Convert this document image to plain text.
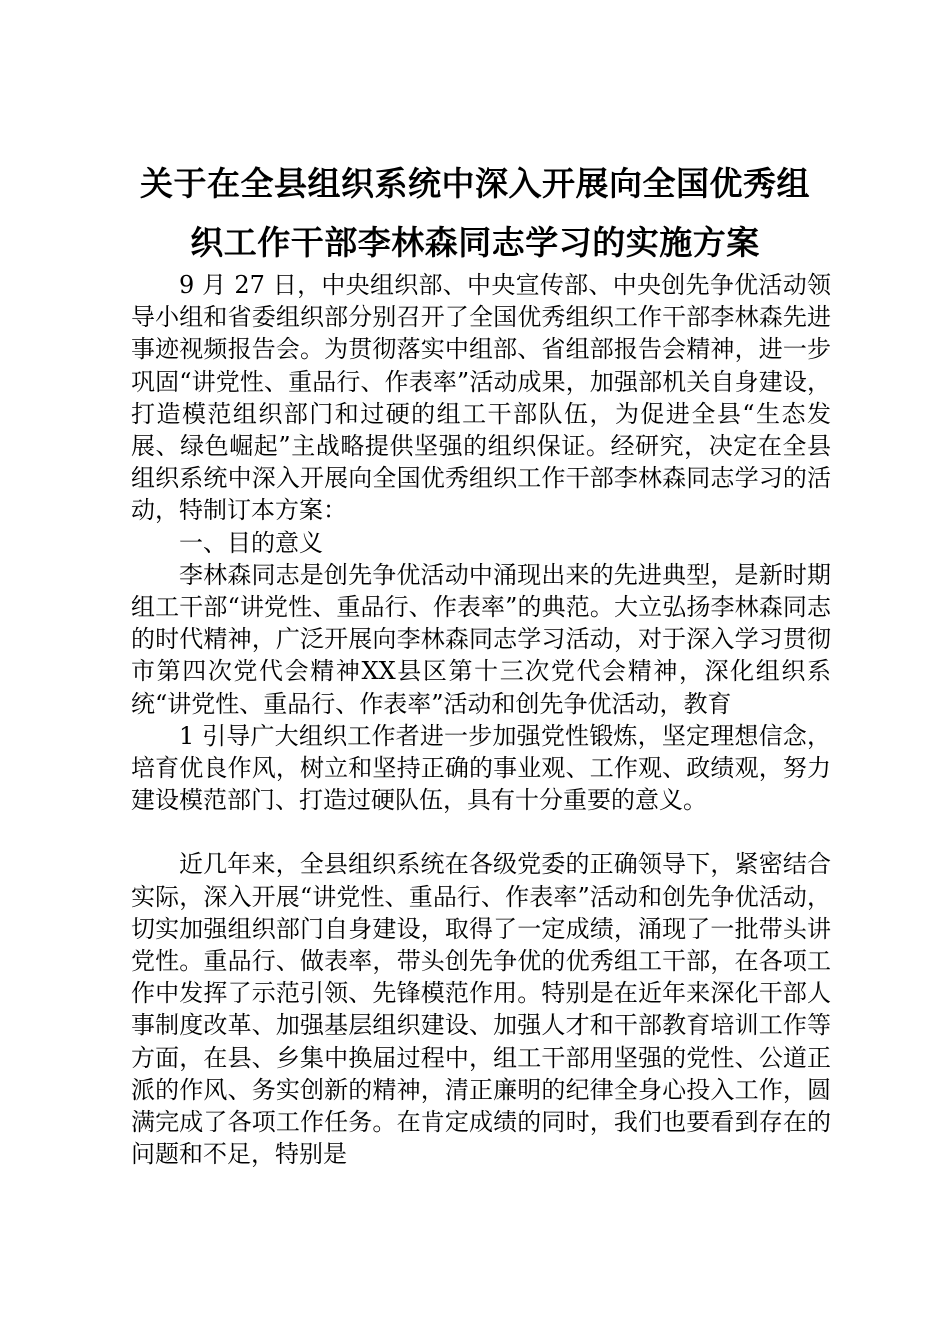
关于在全县组织系统中深入开展向全国优秀组
织工作干部李林森同志学习的实施方案

9 月 27 日，中央组织部、中央宣传部、中央创先争优活动领导小组和省委组织部分别召开了全国优秀组织工作干部李林森先进事迹视频报告会。为贯彻落实中组部、省组部报告会精神，进一步巩固“讲党性、重品行、作表率”活动成果，加强部机关自身建设，打造模范组织部门和过硬的组工干部队伍，为促进全县“生态发展、绿色崛起”主战略提供坚强的组织保证。经研究，决定在全县组织系统中深入开展向全国优秀组织工作干部李林森同志学习的活动，特制订本方案：

一、目的意义

李林森同志是创先争优活动中涌现出来的先进典型，是新时期组工干部“讲党性、重品行、作表率”的典范。大立弘扬李林森同志的时代精神，广泛开展向李林森同志学习活动，对于深入学习贯彻市第四次党代会精神XX县区第十三次党代会精神，深化组织系统“讲党性、重品行、作表率”活动和创先争优活动，教育

1 引导广大组织工作者进一步加强党性锻炼，坚定理想信念，培育优良作风，树立和坚持正确的事业观、工作观、政绩观，努力建设模范部门、打造过硬队伍，具有十分重要的意义。

近几年来，全县组织系统在各级党委的正确领导下，紧密结合实际，深入开展“讲党性、重品行、作表率”活动和创先争优活动，切实加强组织部门自身建设，取得了一定成绩，涌现了一批带头讲党性。重品行、做表率，带头创先争优的优秀组工干部，在各项工作中发挥了示范引领、先锋模范作用。特别是在近年来深化干部人事制度改革、加强基层组织建设、加强人才和干部教育培训工作等方面，在县、乡集中换届过程中，组工干部用坚强的党性、公道正派的作风、务实创新的精神，清正廉明的纪律全身心投入工作，圆满完成了各项工作任务。在肯定成绩的同时，我们也要看到存在的问题和不足，特别是
